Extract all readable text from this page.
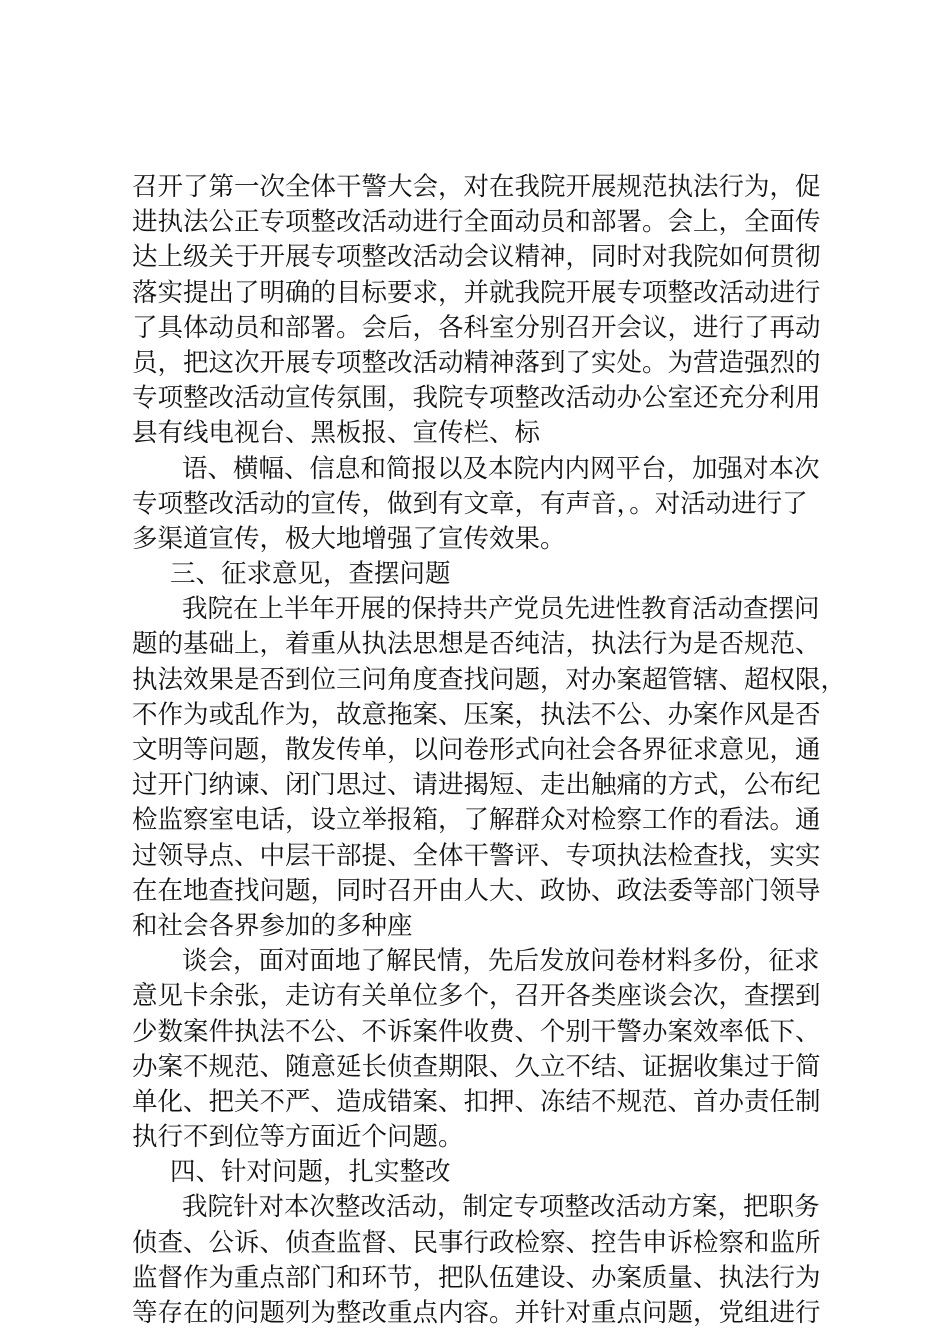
召开了第一次全体干警大会，对在我院开展规范执法行为，促
进执法公正专项整改活动进行全面动员和部署。会上，全面传
达上级关于开展专项整改活动会议精神，同时对我院如何贯彻
落实提出了明确的目标要求，并就我院开展专项整改活动进行
了具体动员和部署。会后，各科室分别召开会议，进行了再动
员，把这次开展专项整改活动精神落到了实处。为营造强烈的
专项整改活动宣传氛围，我院专项整改活动办公室还充分利用
县有线电视台、黑板报、宣传栏、标
语、横幅、信息和简报以及本院内内网平台，加强对本次
专项整改活动的宣传，做到有文章，有声音，。对活动进行了
多渠道宣传，极大地增强了宣传效果。
三、征求意见，查摆问题
我院在上半年开展的保持共产党员先进性教育活动查摆问
题的基础上，着重从执法思想是否纯洁，执法行为是否规范、
执法效果是否到位三问角度查找问题，对办案超管辖、超权限，
不作为或乱作为，故意拖案、压案，执法不公、办案作风是否
文明等问题，散发传单，以问卷形式向社会各界征求意见，通
过开门纳谏、闭门思过、请进揭短、走出触痛的方式，公布纪
检监察室电话，设立举报箱，了解群众对检察工作的看法。通
过领导点、中层干部提、全体干警评、专项执法检查找，实实
在在地查找问题，同时召开由人大、政协、政法委等部门领导
和社会各界参加的多种座
谈会，面对面地了解民情，先后发放问卷材料多份，征求
意见卡余张，走访有关单位多个，召开各类座谈会次，查摆到
少数案件执法不公、不诉案件收费、个别干警办案效率低下、
办案不规范、随意延长侦查期限、久立不结、证据收集过于简
单化、把关不严、造成错案、扣押、冻结不规范、首办责任制
执行不到位等方面近个问题。
四、针对问题，扎实整改
我院针对本次整改活动，制定专项整改活动方案，把职务
侦查、公诉、侦查监督、民事行政检察、控告申诉检察和监所
监督作为重点部门和环节，把队伍建设、办案质量、执法行为
等存在的问题列为整改重点内容。并针对重点问题，党组进行
